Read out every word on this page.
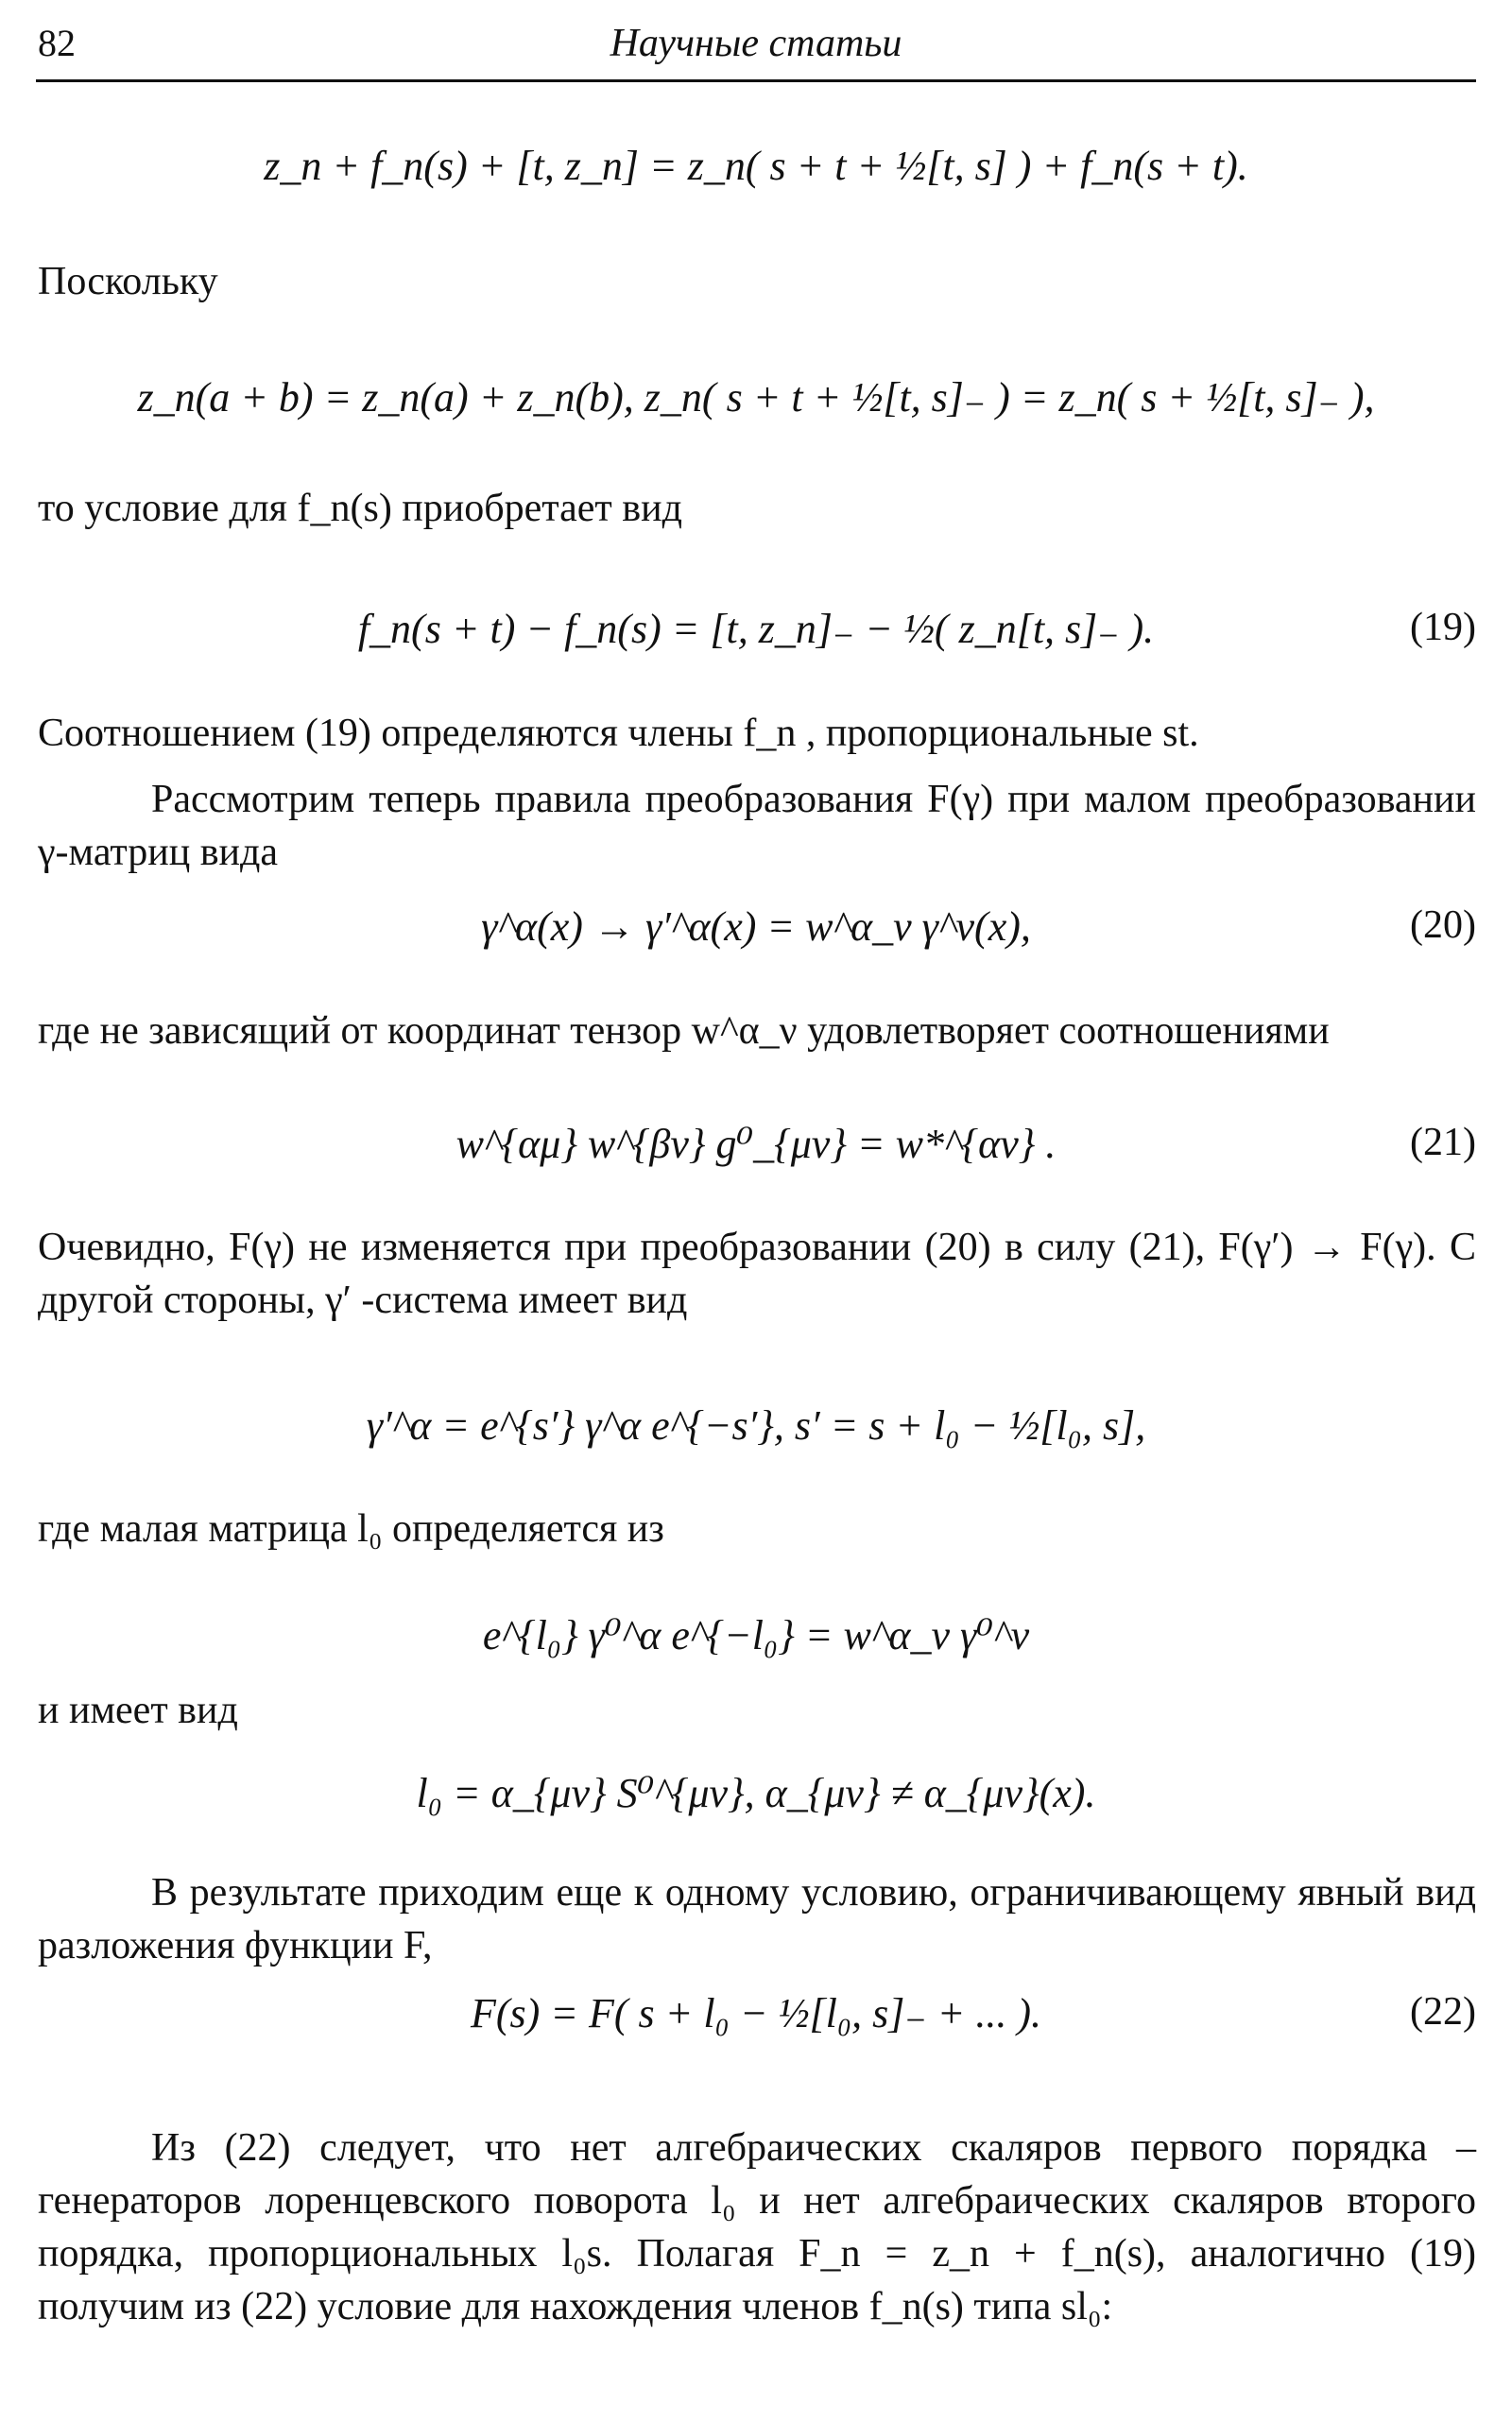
82	Научные статьи
z_n + f_n(s) + [t, z_n] = z_n( s + t + ½[t, s] ) + f_n(s + t).
Поскольку
z_n(a + b) = z_n(a) + z_n(b), z_n( s + t + ½[t, s]₋ ) = z_n( s + ½[t, s]₋ ),
то условие для f_n(s) приобретает вид
f_n(s + t) − f_n(s) = [t, z_n]₋ − ½( z_n[t, s]₋ ).	(19)
Соотношением (19) определяются члены f_n , пропорциональные st.
Рассмотрим теперь правила преобразования F(γ) при малом преобразовании γ-матриц вида
γ^α(x) → γ′^α(x) = w^α_ν γ^ν(x),	(20)
где не зависящий от координат тензор w^α_ν удовлетворяет соотношениями
w^{αμ} w^{βν} g⁰_{μν} = w*^{αν} .	(21)
Очевидно, F(γ) не изменяется при преобразовании (20) в силу (21), F(γ′) → F(γ). С другой стороны, γ′ -система имеет вид
γ′^α = e^{s′} γ^α e^{−s′}, s′ = s + l₀ − ½[l₀, s],
где малая матрица l₀ определяется из
e^{l₀} γ⁰^α e^{−l₀} = w^α_ν γ⁰^ν
и имеет вид
l₀ = α_{μν} S⁰^{μν}, α_{μν} ≠ α_{μν}(x).
В результате приходим еще к одному условию, ограничивающему явный вид разложения функции F,
F(s) = F( s + l₀ − ½[l₀, s]₋ + ... ).	(22)
Из (22) следует, что нет алгебраических скаляров первого порядка – генераторов лоренцевского поворота l₀ и нет алгебраических скаляров второго порядка, пропорциональных l₀s. Полагая F_n = z_n + f_n(s), аналогично (19) получим из (22) условие для нахождения членов f_n(s) типа sl₀:
